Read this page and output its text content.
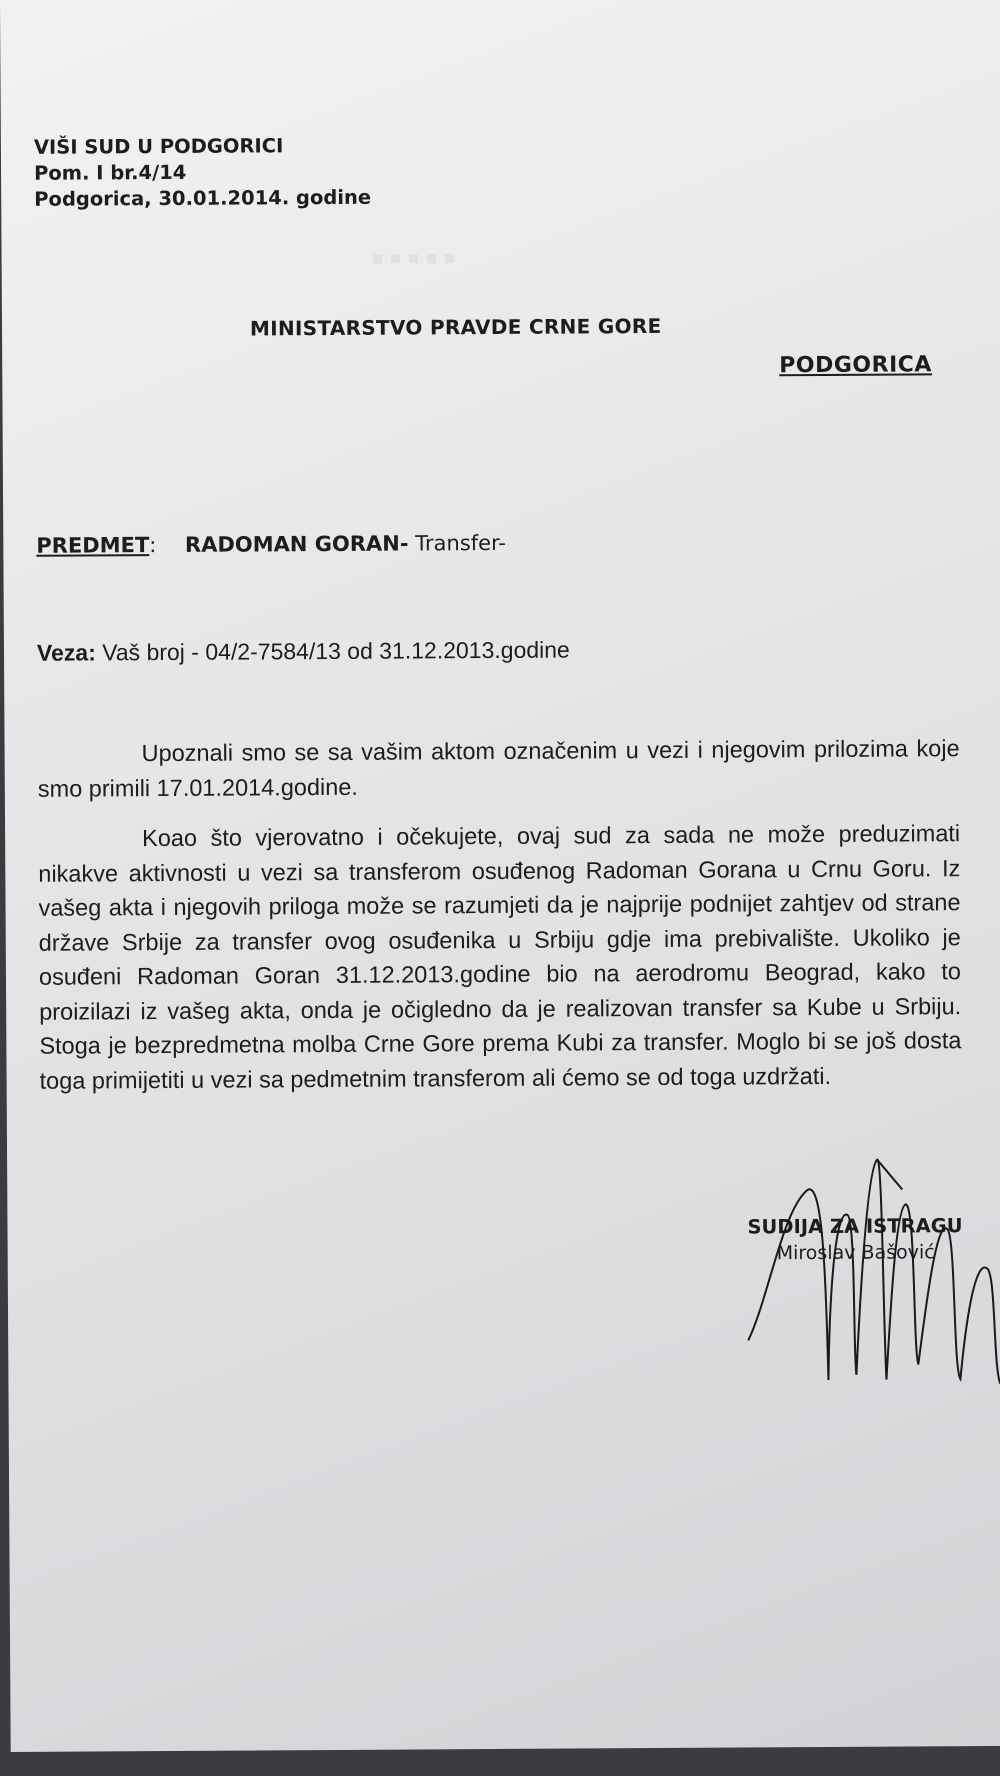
▪ ▪ ▪ ▪ ▪
VIŠI SUD U PODGORICI
Pom. I br.4/14
Podgorica, 30.01.2014. godine
MINISTARSTVO PRAVDE CRNE GORE
PODGORICA
PREDMET: RADOMAN GORAN- Transfer-
Veza: Vaš broj - 04/2-7584/13 od 31.12.2013.godine
Upoznali smo se sa vašim aktom označenim u vezi i njegovim prilozima koje smo primili 17.01.2014.godine.
Koao što vjerovatno i očekujete, ovaj sud za sada ne može preduzimati nikakve aktivnosti u vezi sa transferom osuđenog Radoman Gorana u Crnu Goru. Iz vašeg akta i njegovih priloga može se razumjeti da je najprije podnijet zahtjev od strane države Srbije za transfer ovog osuđenika u Srbiju gdje ima prebivalište. Ukoliko je osuđeni Radoman Goran 31.12.2013.godine bio na aerodromu Beograd, kako to proizilazi iz vašeg akta, onda je očigledno da je realizovan transfer sa Kube u Srbiju. Stoga je bezpredmetna molba Crne Gore prema Kubi za transfer. Moglo bi se još dosta toga primijetiti u vezi sa pedmetnim transferom ali ćemo se od toga uzdržati.
SUDIJA ZA ISTRAGU
Miroslav Bašović
